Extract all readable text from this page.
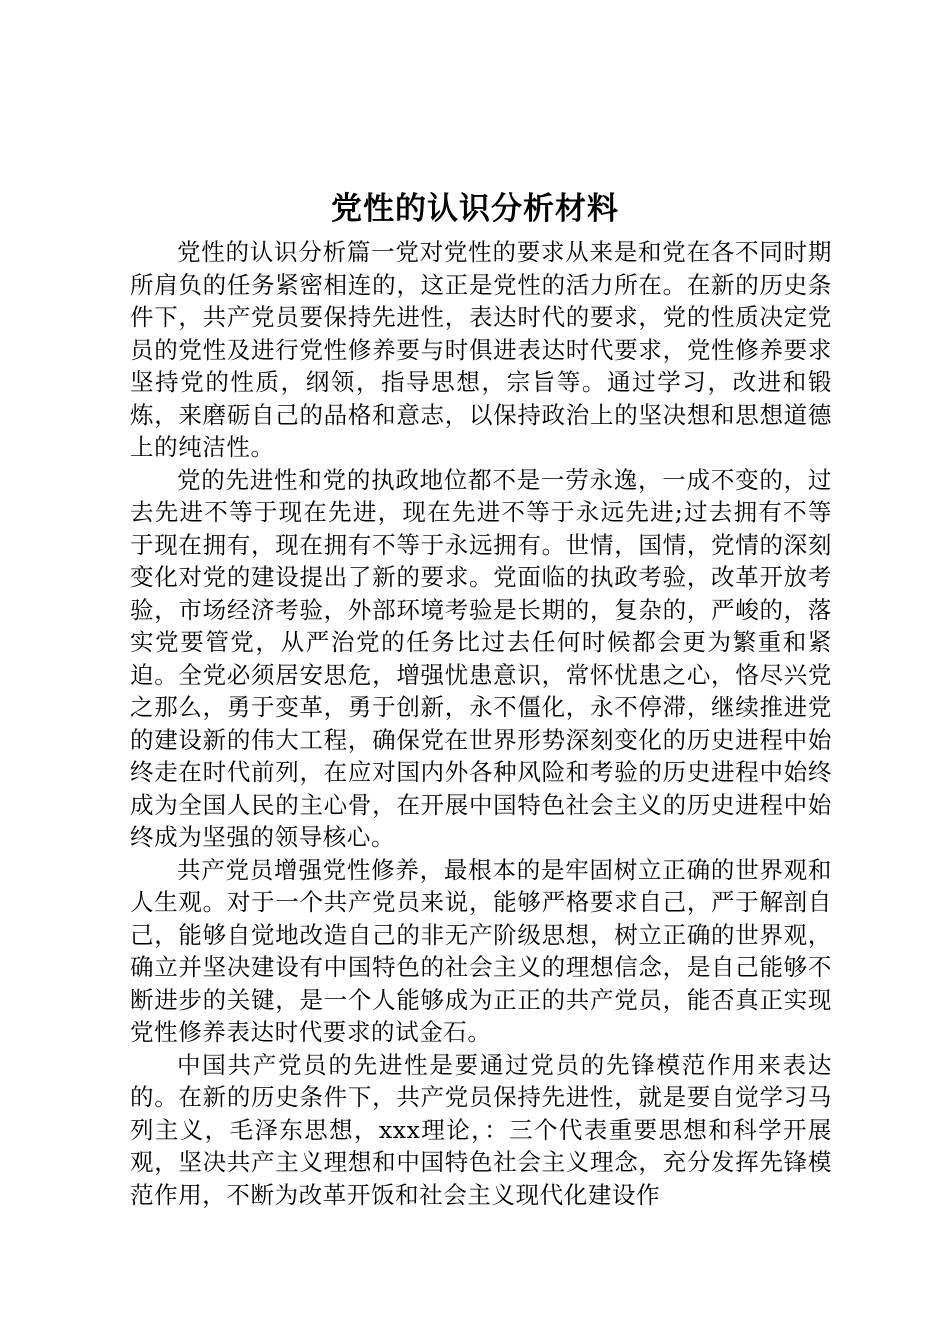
党性的认识分析材料

党性的认识分析篇一党对党性的要求从来是和党在各不同时期所肩负的任务紧密相连的，这正是党性的活力所在。在新的历史条件下，共产党员要保持先进性，表达时代的要求，党的性质决定党员的党性及进行党性修养要与时俱进表达时代要求，党性修养要求坚持党的性质，纲领，指导思想，宗旨等。通过学习，改进和锻炼，来磨砺自己的品格和意志，以保持政治上的坚决想和思想道德上的纯洁性。

党的先进性和党的执政地位都不是一劳永逸，一成不变的，过去先进不等于现在先进，现在先进不等于永远先进;过去拥有不等于现在拥有，现在拥有不等于永远拥有。世情，国情，党情的深刻变化对党的建设提出了新的要求。党面临的执政考验，改革开放考验，市场经济考验，外部环境考验是长期的，复杂的，严峻的，落实党要管党，从严治党的任务比过去任何时候都会更为繁重和紧迫。全党必须居安思危，增强忧患意识，常怀忧患之心，恪尽兴党之那么，勇于变革，勇于创新，永不僵化，永不停滞，继续推进党的建设新的伟大工程，确保党在世界形势深刻变化的历史进程中始终走在时代前列，在应对国内外各种风险和考验的历史进程中始终成为全国人民的主心骨，在开展中国特色社会主义的历史进程中始终成为坚强的领导核心。

共产党员增强党性修养，最根本的是牢固树立正确的世界观和人生观。对于一个共产党员来说，能够严格要求自己，严于解剖自己，能够自觉地改造自己的非无产阶级思想，树立正确的世界观，确立并坚决建设有中国特色的社会主义的理想信念，是自己能够不断进步的关键，是一个人能够成为正正的共产党员，能否真正实现党性修养表达时代要求的试金石。

中国共产党员的先进性是要通过党员的先锋模范作用来表达的。在新的历史条件下，共产党员保持先进性，就是要自觉学习马列主义，毛泽东思想，xxx理论，：三个代表重要思想和科学开展观，坚决共产主义理想和中国特色社会主义理念，充分发挥先锋模范作用，不断为改革开饭和社会主义现代化建设作
